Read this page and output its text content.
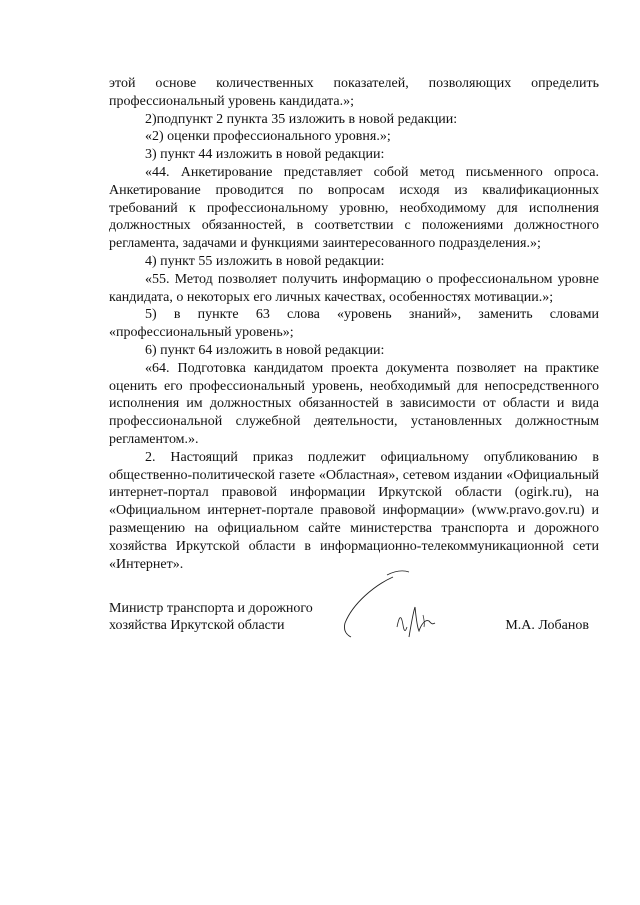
этой основе количественных показателей, позволяющих определить профессиональный уровень кандидата.»;

2)подпункт 2 пункта 35 изложить в новой редакции:

«2) оценки профессионального уровня.»;

3) пункт 44 изложить в новой редакции:

«44. Анкетирование представляет собой метод письменного опроса. Анкетирование проводится по вопросам исходя из квалификационных требований к профессиональному уровню, необходимому для исполнения должностных обязанностей, в соответствии с положениями должностного регламента, задачами и функциями заинтересованного подразделения.»;

4) пункт 55 изложить в новой редакции:

«55. Метод позволяет получить информацию о профессиональном уровне кандидата, о некоторых его личных качествах, особенностях мотивации.»;

5) в пункте 63 слова «уровень знаний», заменить словами «профессиональный уровень»;

6) пункт 64 изложить в новой редакции:

«64. Подготовка кандидатом проекта документа позволяет на практике оценить его профессиональный уровень, необходимый для непосредственного исполнения им должностных обязанностей в зависимости от области и вида профессиональной служебной деятельности, установленных должностным регламентом.».

2. Настоящий приказ подлежит официальному опубликованию в общественно-политической газете «Областная», сетевом издании «Официальный интернет-портал правовой информации Иркутской области (ogirk.ru), на «Официальном интернет-портале правовой информации» (www.pravo.gov.ru) и размещению на официальном сайте министерства транспорта и дорожного хозяйства Иркутской области в информационно-телекоммуникационной сети «Интернет».

Министр транспорта и дорожного
хозяйства Иркутской области	М.А. Лобанов
